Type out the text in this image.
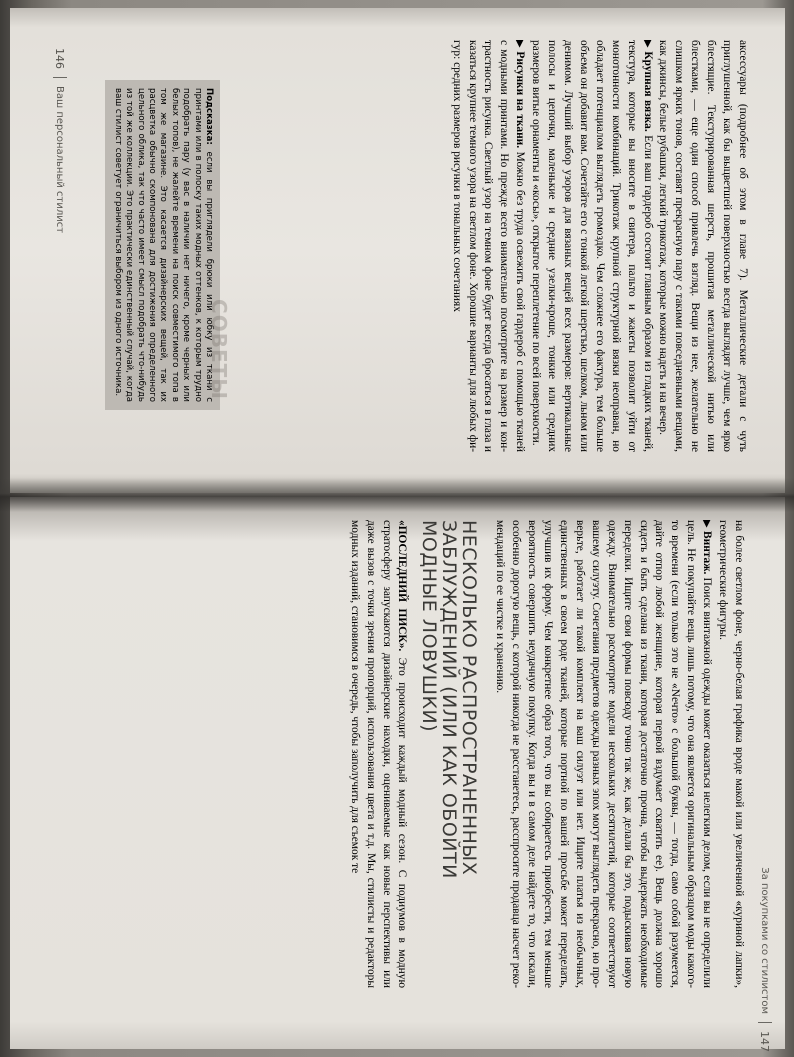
146
Ваш персональный стилист	аксессуары (подробнее об этом в главе 7). Металлические детали с чуть приглушенной, как бы выцветшей поверхностью всегда выглядят лучше, чем ярко блестящие. Текстурированная шерсть, прошитая металлической нитью или блестками, — еще один способ привлечь взгляд. Вещи из нее, желательно не слишком ярких тонов, составят прекрасную пару с такими повседневными вещами, как джинсы, белые рубашки, легкий трикотаж, которые можно надеть и на вечер.

▶Крупная вязка. Если ваш гардероб состоит главным образом из гладких тканей, текстура, которые вы вносите в свитера, пальто и жакеты позволит уйти от монотонности комбинаций. Трикотаж крупной структурной вязки неоправан, но обладает потенциалом выглядеть громоздко. Чем сложнее его фактура, тем больше объема он добавит вам. Сочетайте его с тонкой легкой шерстью, шелком, льном или денимом. Лучший выбор узоров для вязаных вещей всех размеров: вертикальные полосы и цепочки, маленькие и средние узелки-крошe, тонкие или средних размеров витые орнаменты и «косы», открытое переплетение по всей поверхности.

▶Рисунки на ткани. Можно без труда освежить свой гардероб с помощью тканей с модными принтами. Но прежде всего внимательно посмотрите на размер и контрастность рисунка. Светлый узор на темном фоне будет всегда бросаться в глаза и казаться крупнее темного узора на светлом фоне. Хорошие варианты для любых фигур: средних размеров рисунки в тональных сочетаниях

СОВЕТЫ
Подсказка: если вы приглядели брюки или юбку из ткани с принтами или в полоску таких модных оттенков, к которым трудно подобрать пару (у вас в наличии нет ничего, кроме черных или белых топов), не жалейте времени на поиск совместимого топа в том же магазине. Это касается дизайнерских вещей, так их расцветка обычно скомпонована для достижения определенного цельного облика, так что часто имеет смысл подобрать что-нибудь из той же коллекции. Это практически единственный случай, когда ваш стилист советует ограничиться выбором из одного источника.
За покупками со стилистом
147

на более светлом фоне, черно-белая графика вроде макой или увеличенной «куриной лапки», геометрические фигуры.

▶Винтаж. Поиск винтажной одежды может оказаться нелегким делом, если вы не определили цель. Не покупайте вещь лишь потому, что она является оригинальным образцом моды какого-то времени (если только это не «Nечто» с большой буквы, — тогда, само собой разумеется, дайте отпор любой женщине, которая первой вздумает схватить ее). Вещь должна хорошо сидеть и быть сделана из ткани, которая достаточно прочна, чтобы выдержать необходимые переделки. Ищите свои формы повсюду точно так же, как делали бы это, подыскивая новую одежду. Внимательно рассмотрите модели нескольких десятилетий, которые соответствуют вашему силуэту. Сочетания предметов одежды разных эпох могут выглядеть прекрасно, но проверьте, работает ли такой комплект на ваш силуэт или нет. Ищите платья из необычных, единственных в своем роде тканей, которые портной по вашей просьбе может переделать, улучшив их форму. Чем конкретнее образ того, что вы собираетесь приобрести, тем меньше вероятность совершить неудачную покупку. Когда вы и в самом деле найдете то, что искали, особенно дорогую вещь, с которой никогда не расстанетесь, расспросите продавца насчет рекомендаций по ее чистке и хранению.

НЕСКОЛЬКО РАСПРОСТРАНЕННЫХ
ЗАБЛУЖДЕНИЙ (ИЛИ КАК ОБОЙТИ
МОДНЫЕ ЛОВУШКИ)

«ПОСЛЕДНИЙ ПИСК». Это происходит каждый модный сезон. С подиумов в модную стратосферу запускаются дизайнерские находки, оцениваемые как новые перспективы или даже вызов с точки зрения пропорций, использования цвета и т.д. Мы, стилисты и редакторы модных изданий, становимся в очередь, чтобы заполучить для съемок те
